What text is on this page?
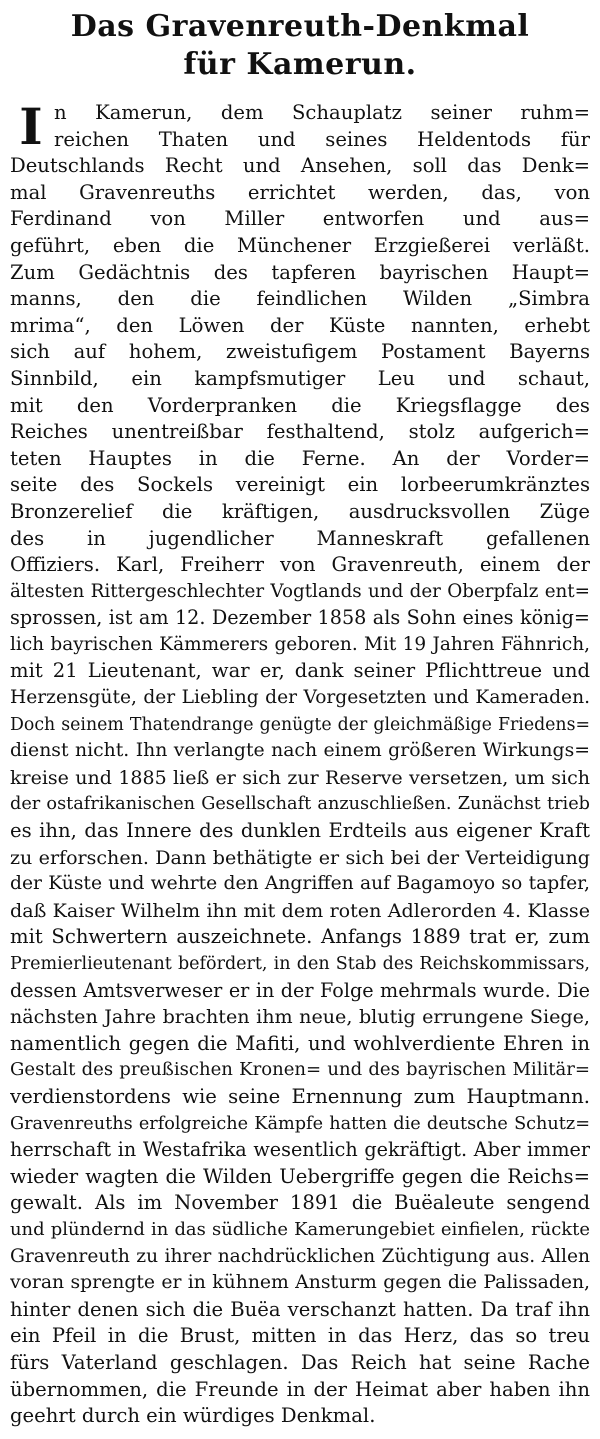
Das Gravenreuth-Denkmal
für Kamerun.
I n Kamerun, dem Schauplatz seiner ruhm=
reichen Thaten und seines Heldentods für
Deutschlands Recht und Ansehen, soll das Denk=
mal Gravenreuths errichtet werden, das, von
Ferdinand von Miller entworfen und aus=
geführt, eben die Münchener Erzgießerei verläßt.
Zum Gedächtnis des tapferen bayrischen Haupt=
manns, den die feindlichen Wilden „Simbra
mrima“, den Löwen der Küste nannten, erhebt
sich auf hohem, zweistufigem Postament Bayerns
Sinnbild, ein kampfsmutiger Leu und schaut,
mit den Vorderpranken die Kriegsflagge des
Reiches unentreißbar festhaltend, stolz aufgerich=
teten Hauptes in die Ferne. An der Vorder=
seite des Sockels vereinigt ein lorbeerumkränztes
Bronzerelief die kräftigen, ausdrucksvollen Züge
des in jugendlicher Manneskraft gefallenen
Offiziers. Karl, Freiherr von Gravenreuth, einem der
ältesten Rittergeschlechter Vogtlands und der Oberpfalz ent=
sprossen, ist am 12. Dezember 1858 als Sohn eines könig=
lich bayrischen Kämmerers geboren. Mit 19 Jahren Fähnrich,
mit 21 Lieutenant, war er, dank seiner Pflichttreue und
Herzensgüte, der Liebling der Vorgesetzten und Kameraden.
Doch seinem Thatendrange genügte der gleichmäßige Friedens=
dienst nicht. Ihn verlangte nach einem größeren Wirkungs=
kreise und 1885 ließ er sich zur Reserve versetzen, um sich
der ostafrikanischen Gesellschaft anzuschließen. Zunächst trieb
es ihn, das Innere des dunklen Erdteils aus eigener Kraft
zu erforschen. Dann bethätigte er sich bei der Verteidigung
der Küste und wehrte den Angriffen auf Bagamoyo so tapfer,
daß Kaiser Wilhelm ihn mit dem roten Adlerorden 4. Klasse
mit Schwertern auszeichnete. Anfangs 1889 trat er, zum
Premierlieutenant befördert, in den Stab des Reichskommissars,
dessen Amtsverweser er in der Folge mehrmals wurde. Die
nächsten Jahre brachten ihm neue, blutig errungene Siege,
namentlich gegen die Mafiti, und wohlverdiente Ehren in
Gestalt des preußischen Kronen= und des bayrischen Militär=
verdienstordens wie seine Ernennung zum Hauptmann.
Gravenreuths erfolgreiche Kämpfe hatten die deutsche Schutz=
herrschaft in Westafrika wesentlich gekräftigt. Aber immer
wieder wagten die Wilden Uebergriffe gegen die Reichs=
gewalt. Als im November 1891 die Buëaleute sengend
und plündernd in das südliche Kamerungebiet einfielen, rückte
Gravenreuth zu ihrer nachdrücklichen Züchtigung aus. Allen
voran sprengte er in kühnem Ansturm gegen die Palissaden,
hinter denen sich die Buëa verschanzt hatten. Da traf ihn
ein Pfeil in die Brust, mitten in das Herz, das so treu
fürs Vaterland geschlagen. Das Reich hat seine Rache
übernommen, die Freunde in der Heimat aber haben ihn
geehrt durch ein würdiges Denkmal.
